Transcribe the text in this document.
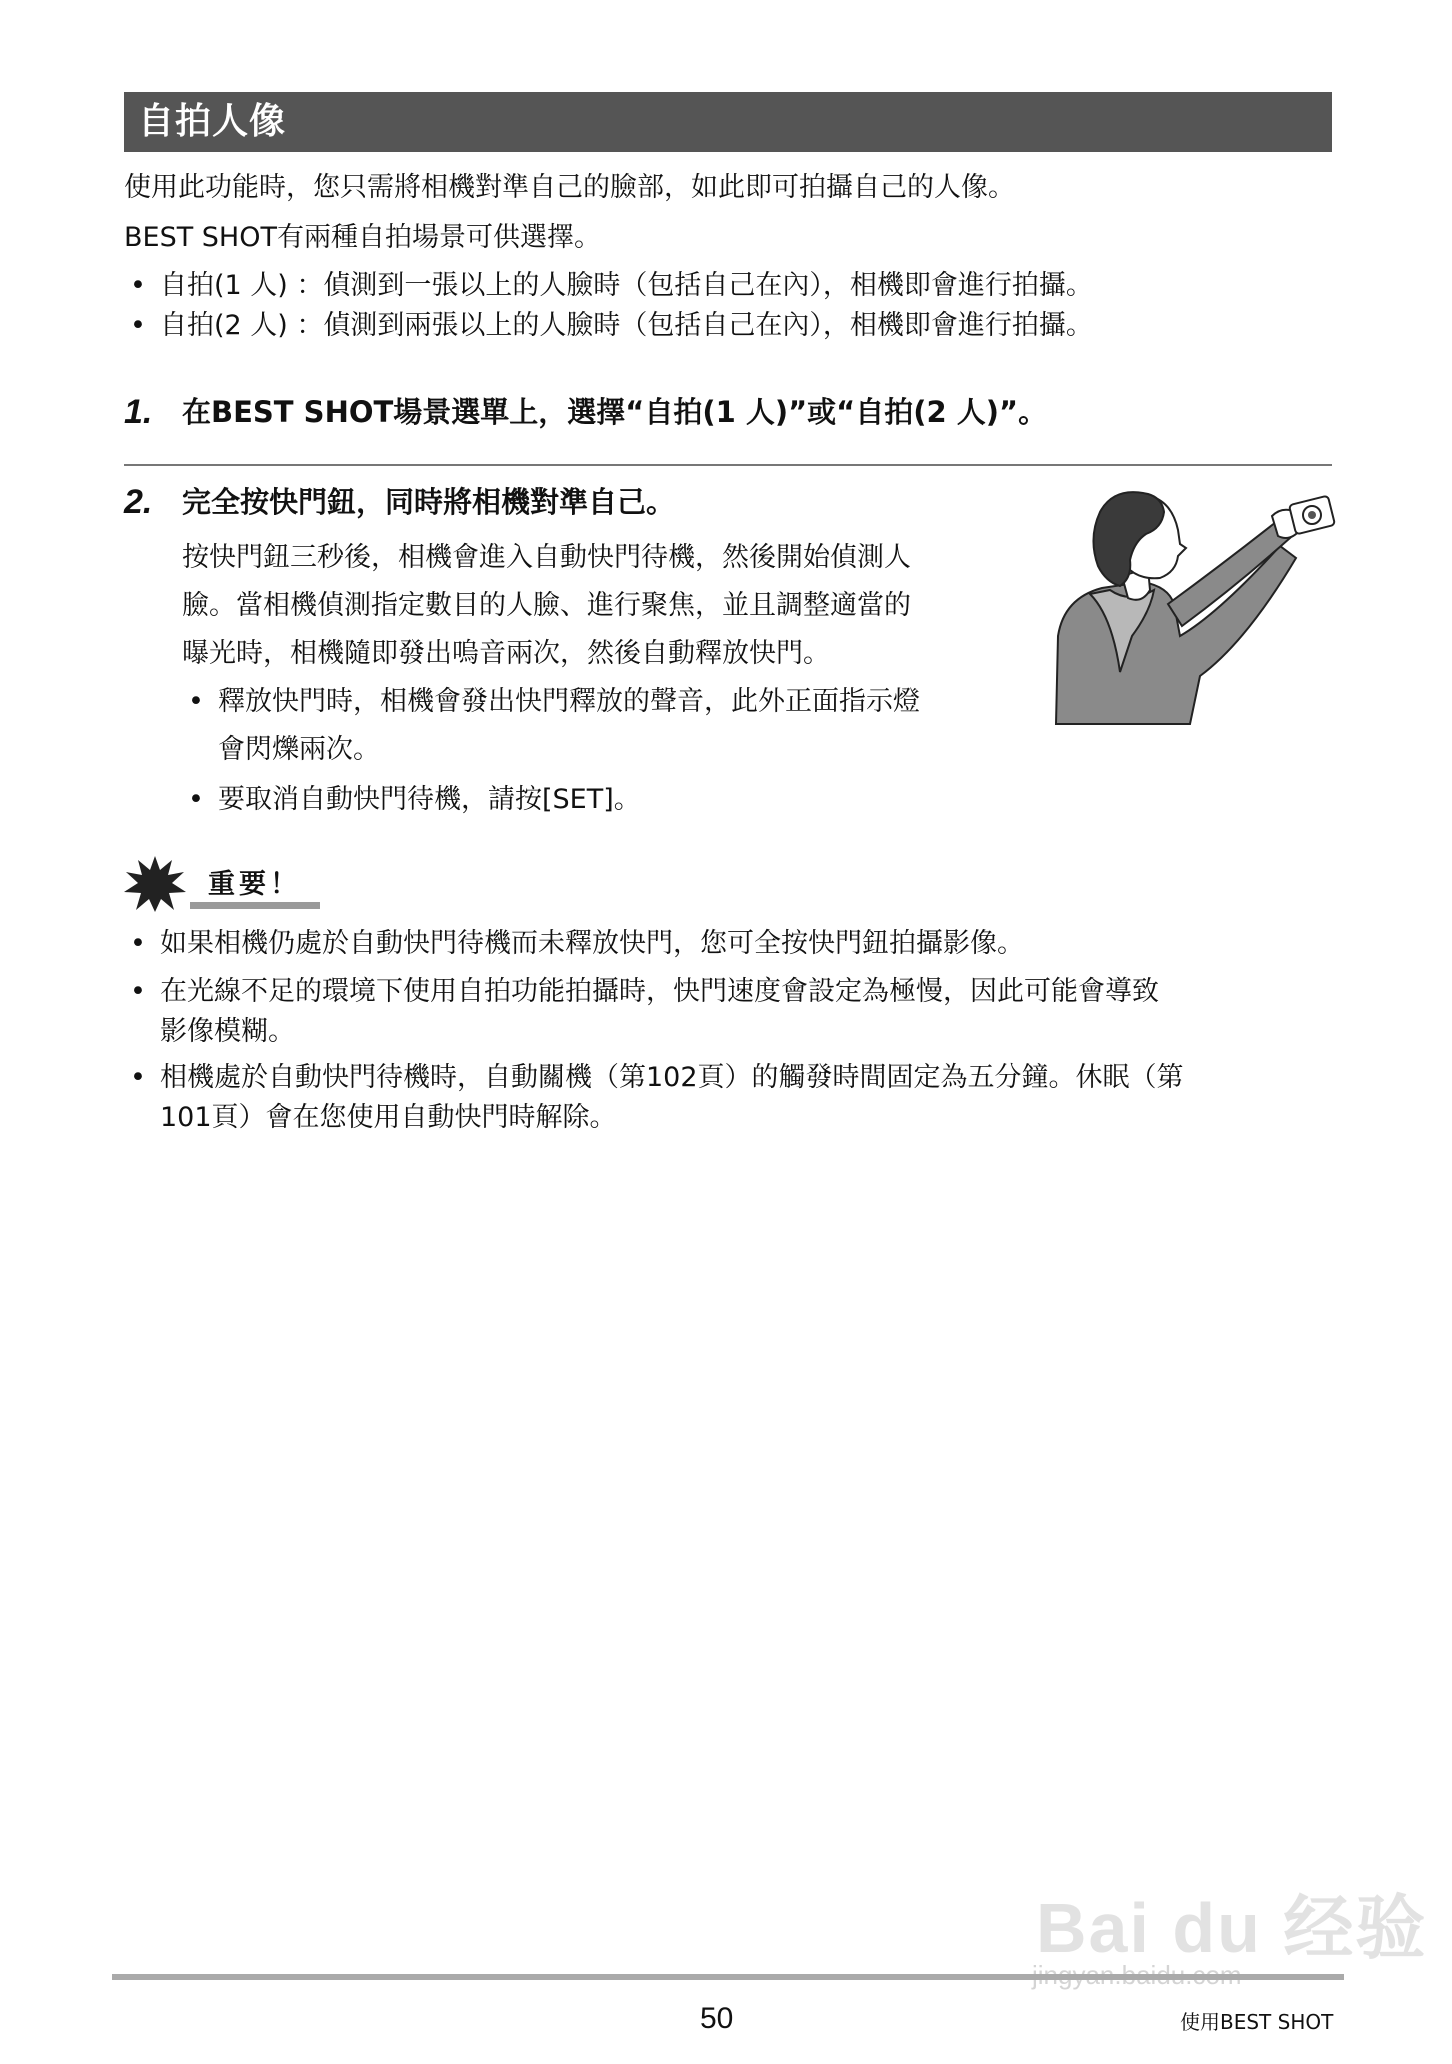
自拍人像
使用此功能時，您只需將相機對準自己的臉部，如此即可拍攝自己的人像。
BEST SHOT有兩種自拍場景可供選擇。
• 自拍(1 人) ：偵測到一張以上的人臉時（包括自己在內），相機即會進行拍攝。
• 自拍(2 人) ：偵測到兩張以上的人臉時（包括自己在內），相機即會進行拍攝。
1. 在BEST SHOT場景選單上，選擇“自拍(1 人)”或“自拍(2 人)”。
2. 完全按快門鈕，同時將相機對準自己。
按快門鈕三秒後，相機會進入自動快門待機，然後開始偵測人
臉。當相機偵測指定數目的人臉、進行聚焦，並且調整適當的
曝光時，相機隨即發出嗚音兩次，然後自動釋放快門。
• 釋放快門時，相機會發出快門釋放的聲音，此外正面指示燈
會閃爍兩次。
• 要取消自動快門待機，請按[SET]。
重要！
• 如果相機仍處於自動快門待機而未釋放快門，您可全按快門鈕拍攝影像。
• 在光線不足的環境下使用自拍功能拍攝時，快門速度會設定為極慢，因此可能會導致
影像模糊。
• 相機處於自動快門待機時，自動關機（第102頁）的觸發時間固定為五分鐘。休眠（第
101頁）會在您使用自動快門時解除。
Bai du 经验
50	使用BEST SHOT
